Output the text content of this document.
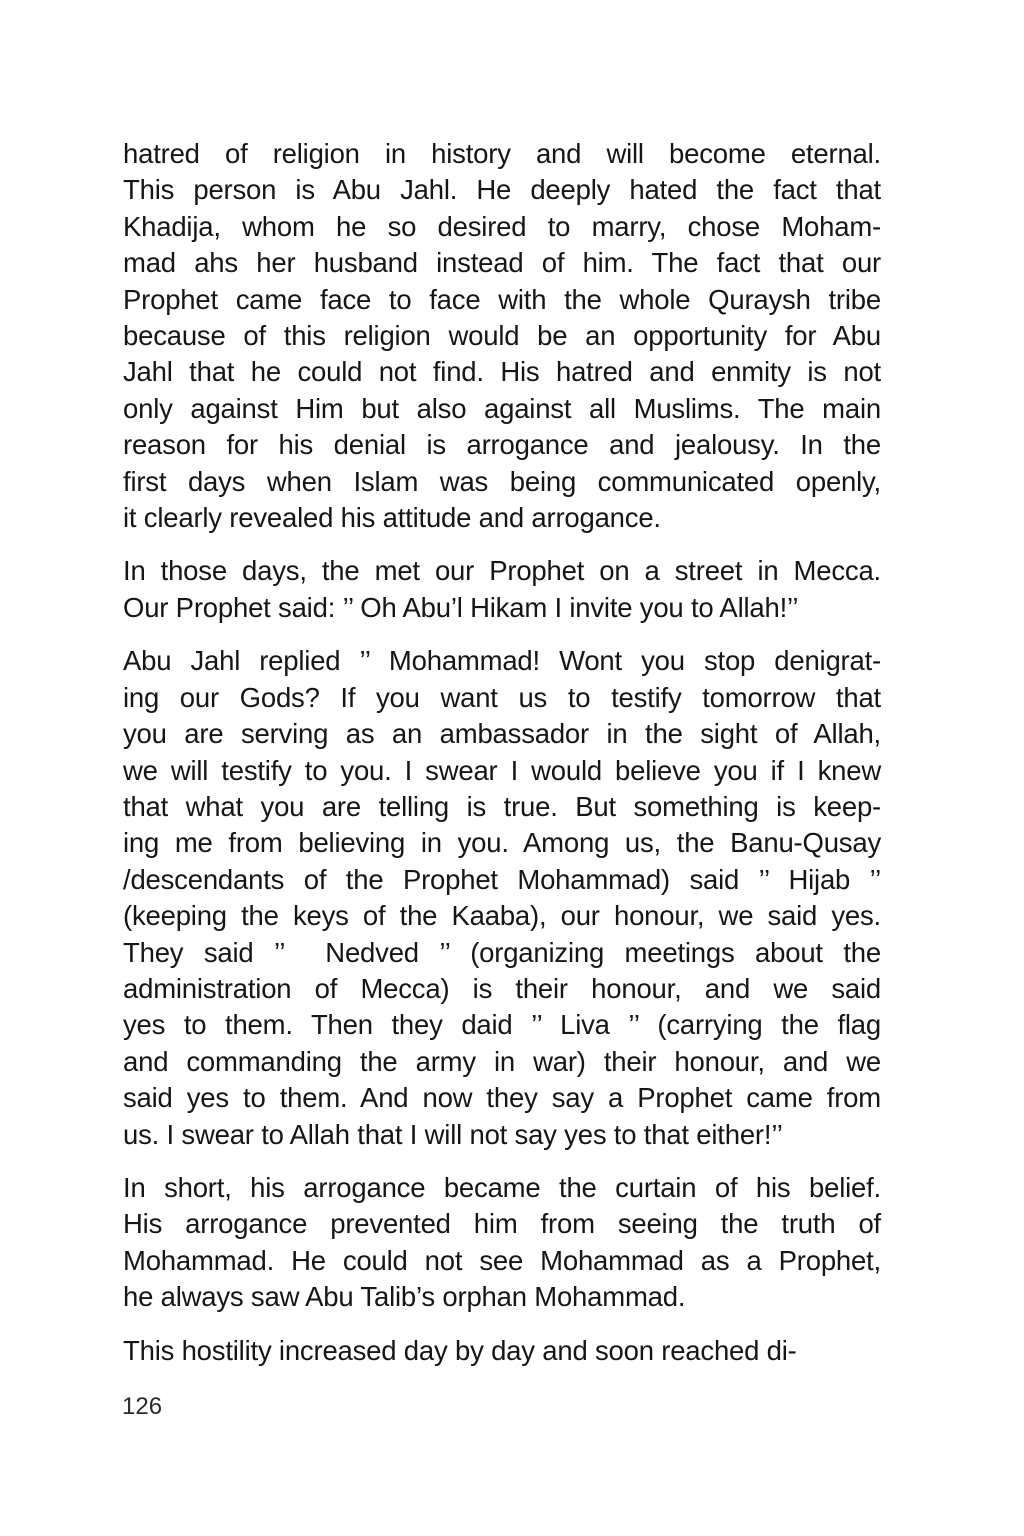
hatred of religion in history and will become eternal.
This person is Abu Jahl. He deeply hated the fact that
Khadija, whom he so desired to marry, chose Moham-
mad ahs her husband instead of him. The fact that our
Prophet came face to face with the whole Quraysh tribe
because of this religion would be an opportunity for Abu
Jahl that he could not find. His hatred and enmity is not
only against Him but also against all Muslims. The main
reason for his denial is arrogance and jealousy. In the
first days when Islam was being communicated openly,
it clearly revealed his attitude and arrogance.
In those days, the met our Prophet on a street in Mecca.
Our Prophet said: ’’ Oh Abu’l Hikam I invite you to Allah!’’
Abu Jahl replied ’’ Mohammad! Wont you stop denigrat-
ing our Gods? If you want us to testify tomorrow that
you are serving as an ambassador in the sight of Allah,
we will testify to you. I swear I would believe you if I knew
that what you are telling is true. But something is keep-
ing me from believing in you. Among us, the Banu-Qusay
/descendants of the Prophet Mohammad) said ’’ Hijab ’’
(keeping the keys of the Kaaba), our honour, we said yes.
They said ’’  Nedved ’’ (organizing meetings about the
administration of Mecca) is their honour, and we said
yes to them. Then they daid ’’ Liva ’’ (carrying the flag
and commanding the army in war) their honour, and we
said yes to them. And now they say a Prophet came from
us. I swear to Allah that I will not say yes to that either!’’
In short, his arrogance became the curtain of his belief.
His arrogance prevented him from seeing the truth of
Mohammad. He could not see Mohammad as a Prophet,
he always saw Abu Talib’s orphan Mohammad.
This hostility increased day by day and soon reached di-
126
